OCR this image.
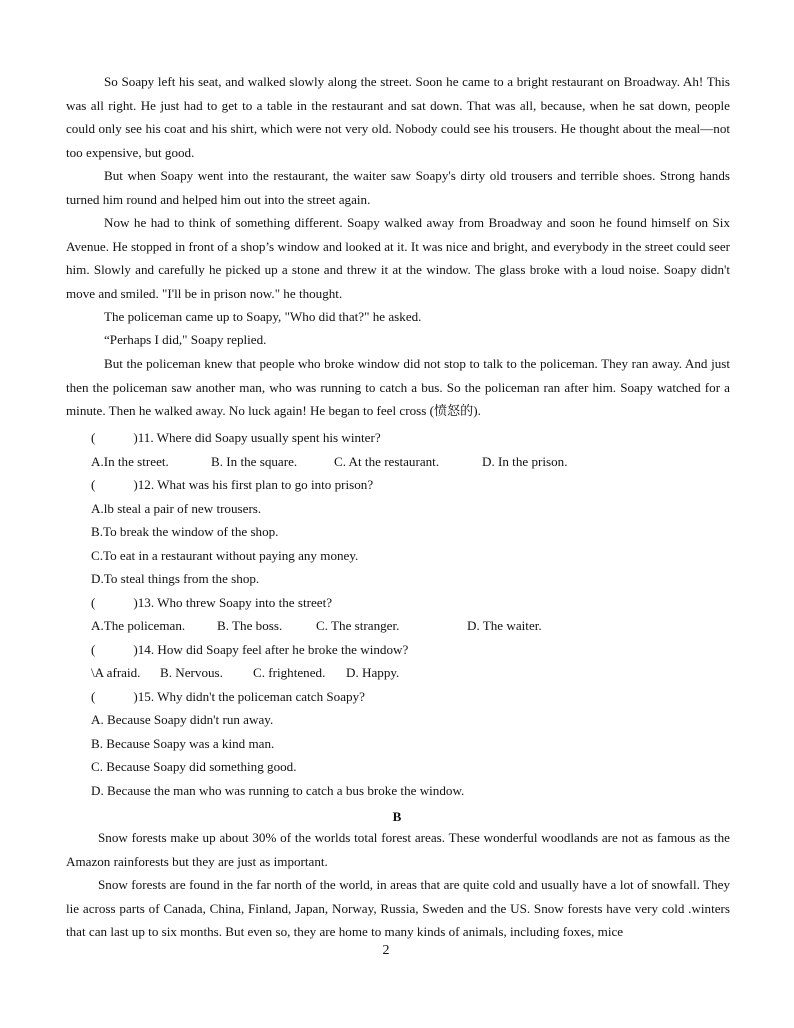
So Soapy left his seat, and walked slowly along the street. Soon he came to a bright restaurant on Broadway. Ah! This was all right. He just had to get to a table in the restaurant and sat down. That was all, because, when he sat down, people could only see his coat and his shirt, which were not very old. Nobody could see his trousers. He thought about the meal—not too expensive, but good.

But when Soapy went into the restaurant, the waiter saw Soapy's dirty old trousers and terrible shoes. Strong hands turned him round and helped him out into the street again.

Now he had to think of something different. Soapy walked away from Broadway and soon he found himself on Six Avenue. He stopped in front of a shop’s window and looked at it. It was nice and bright, and everybody in the street could seer him. Slowly and carefully he picked up a stone and threw it at the window. The glass broke with a loud noise. Soapy didn't move and smiled. "I'll be in prison now." he thought.

The policeman came up to Soapy, "Who did that?" he asked.

“Perhaps I did," Soapy replied.

But the policeman knew that people who broke window did not stop to talk to the policeman. They ran away. And just then the policeman saw another man, who was running to catch a bus. So the policeman ran after him. Soapy watched for a minute. Then he walked away. No luck again! He began to feel cross (愤怒的).

(	)11. Where did Soapy usually spent his winter?
A.In the street.	B. In the square.	C. At the restaurant.	D. In the prison.
(	)12. What was his first plan to go into prison?
A.lb steal a pair of new trousers.
B.To break the window of the shop.
C.To eat in a restaurant without paying any money.
D.To steal things from the shop.
(	)13. Who threw Soapy into the street?
A.The policeman. B. The boss.	C. The stranger.	D. The waiter.
(	)14. How did Soapy feel after he broke the window?
\A afraid. B. Nervous. C. frightened. D. Happy.
(	)15. Why didn't the policeman catch Soapy?
A. Because Soapy didn't run away.
B. Because Soapy was a kind man.
C. Because Soapy did something good.
D. Because the man who was running to catch a bus broke the window.
B

Snow forests make up about 30% of the worlds total forest areas. These wonderful woodlands are not as famous as the Amazon rainforests but they are just as important.

Snow forests are found in the far north of the world, in areas that are quite cold and usually have a lot of snowfall. They lie across parts of Canada, China, Finland, Japan, Norway, Russia, Sweden and the US. Snow forests have very cold .winters that can last up to six months. But even so, they are home to many kinds of animals, including foxes, mice

2
